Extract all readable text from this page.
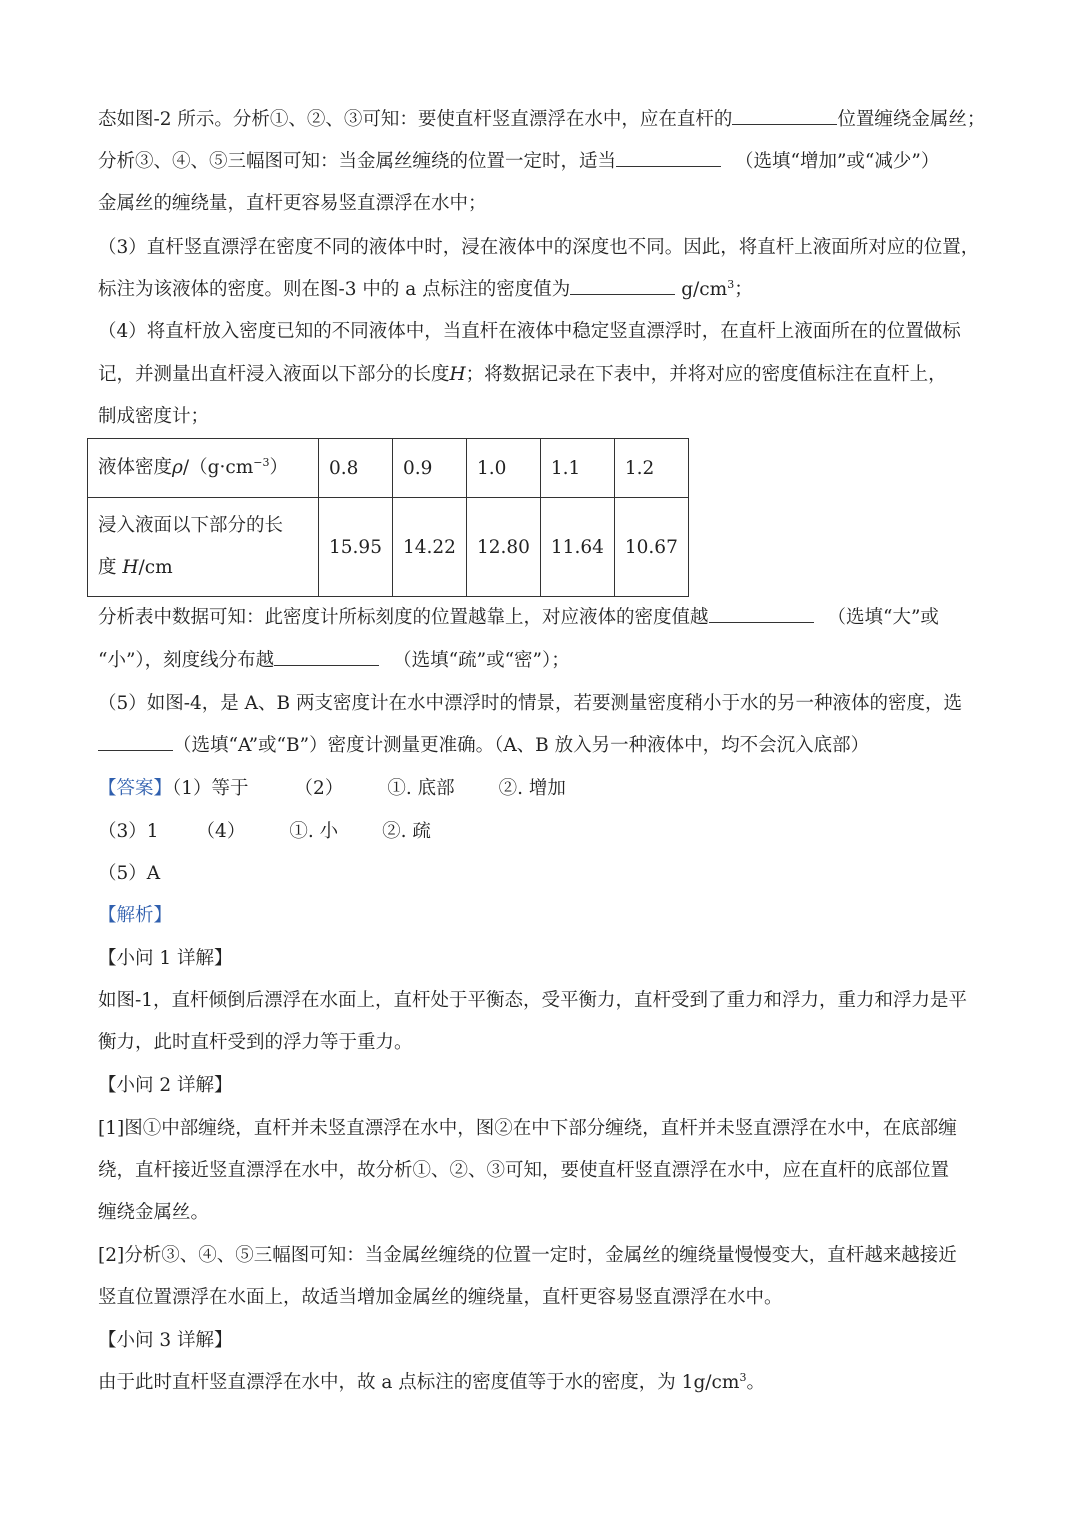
态如图-2 所示。分析①、②、③可知：要使直杆竖直漂浮在水中，应在直杆的	位置缠绕金属丝；
分析③、④、⑤三幅图可知：当金属丝缠绕的位置一定时，适当	（选填“增加”或“减少”）
金属丝的缠绕量，直杆更容易竖直漂浮在水中；
（3）直杆竖直漂浮在密度不同的液体中时，浸在液体中的深度也不同。因此，将直杆上液面所对应的位置，
标注为该液体的密度。则在图-3 中的 a 点标注的密度值为	$g/cm^3$；
（4）将直杆放入密度已知的不同液体中，当直杆在液体中稳定竖直漂浮时，在直杆上液面所在的位置做标
记，并测量出直杆浸入液面以下部分的长度H；将数据记录在下表中，并将对应的密度值标注在直杆上，
制成密度计；
液体密度$\rho/(g\cdot cm^{-3})$	0.8	0.9	1.0	1.1	1.2
浸入液面以下部分的长
度 H/cm	15.95	14.22	12.80	11.64	10.67
分析表中数据可知：此密度计所标刻度的位置越靠上，对应液体的密度值越	（选填“大”或
“小”），刻度线分布越	（选填“疏”或“密”）；
（5）如图-4，是 A、B 两支密度计在水中漂浮时的情景，若要测量密度稍小于水的另一种液体的密度，选
（选填“A”或“B”）密度计测量更准确。（A、B 放入另一种液体中，均不会沉入底部）
【答案】（1）等于 （2） ①. 底部 ②. 增加
（3）1 （4） ①. 小 ②. 疏
（5）A
【解析】
【小问 1 详解】
如图-1，直杆倾倒后漂浮在水面上，直杆处于平衡态，受平衡力，直杆受到了重力和浮力，重力和浮力是平
衡力，此时直杆受到的浮力等于重力。
【小问 2 详解】
[1]图①中部缠绕，直杆并未竖直漂浮在水中，图②在中下部分缠绕，直杆并未竖直漂浮在水中，在底部缠
绕，直杆接近竖直漂浮在水中，故分析①、②、③可知，要使直杆竖直漂浮在水中，应在直杆的底部位置
缠绕金属丝。
[2]分析③、④、⑤三幅图可知：当金属丝缠绕的位置一定时，金属丝的缠绕量慢慢变大，直杆越来越接近
竖直位置漂浮在水面上，故适当增加金属丝的缠绕量，直杆更容易竖直漂浮在水中。
【小问 3 详解】
由于此时直杆竖直漂浮在水中，故 a 点标注的密度值等于水的密度，为 $1g/cm^3$。
